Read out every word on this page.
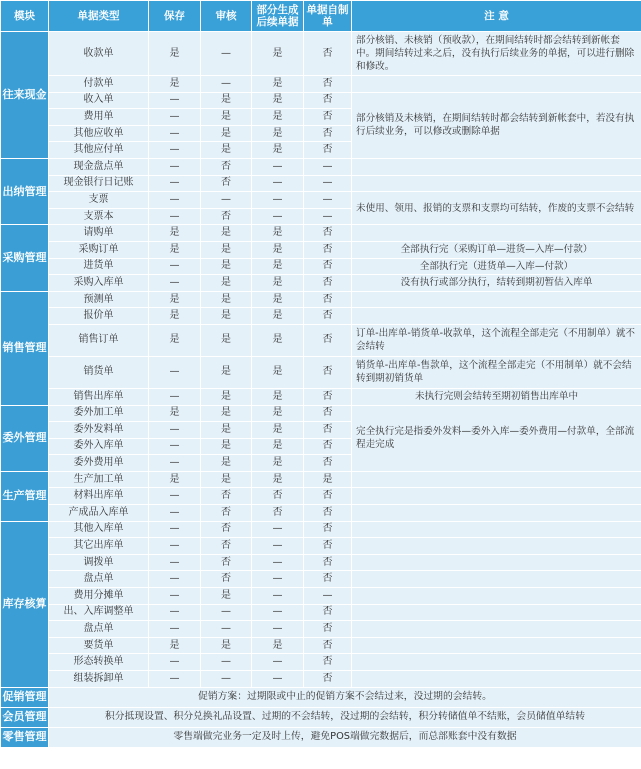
模块	单据类型	保存	审核	部分生成后续单据	单据自制单	注 意
往来现金	收款单	是	—	是	否	部分核销、未核销（预收款），在期间结转时都会结转到新帐套中。期间结转过来之后，没有执行后续业务的单据，可以进行删除和修改。
	付款单	是	—	是	否	
	收入单	—	是	是	否	部分核销及未核销，在期间结转时都会结转到新帐套中，若没有执行后续业务，可以修改或删除单据
	费用单	—	是	是	否	
	其他应收单	—	是	是	否	
	其他应付单	—	是	是	否	
出纳管理	现金盘点单	—	否	—	—	
	现金银行日记账	—	否	—	—	
	支票	—	—	—	—	未使用、领用、报销的支票和支票均可结转，作废的支票不会结转
	支票本	—	否	—	—	
采购管理	请购单	是	是	是	否	
	采购订单	是	是	是	否	全部执行完（采购订单—进货—入库—付款）
	进货单	—	是	是	否	全部执行完（进货单—入库—付款）
	采购入库单	—	是	是	否	没有执行或部分执行，结转到期初暂估入库单
销售管理	预测单	是	是	是	否	
	报价单	是	是	是	否	
	销售订单	是	是	是	否	订单-出库单-销货单-收款单，这个流程全部走完（不用制单）就不会结转
	销货单	—	是	是	否	销货单-出库单-售款单，这个流程全部走完（不用制单）就不会结转到期初销货单
	销售出库单	—	是	是	否	未执行完则会结转至期初销售出库单中
委外管理	委外加工单	是	是	是	否	完全执行完是指委外发料—委外入库—委外费用—付款单，全部流程走完成
	委外发料单	—	是	是	否	
	委外入库单	—	是	是	否	
	委外费用单	—	是	是	否	
生产管理	生产加工单	是	是	是	是	
	材料出库单	—	否	否	否	
	产成品入库单	—	否	否	否	
库存核算	其他入库单	—	否	—	否	
	其它出库单	—	否	—	否	
	调拨单	—	否	—	否	
	盘点单	—	否	—	否	
	费用分摊单	—	是	—	—	
	出、入库调整单	—	—	—	否	
	盘点单	—	—	—	否	
	要货单	是	是	是	否	
	形态转换单	—	—	—	否	
	组装拆卸单	—	—	—	否	
促销管理	促销方案：过期限或中止的促销方案不会结过来，没过期的会结转。					
会员管理	积分抵现设置、积分兑换礼品设置、过期的不会结转，没过期的会结转，积分转储值单不结账，会员储值单结转					
零售管理	零售端做完业务一定及时上传，避免POS端做完数据后，而总部账套中没有数据					
